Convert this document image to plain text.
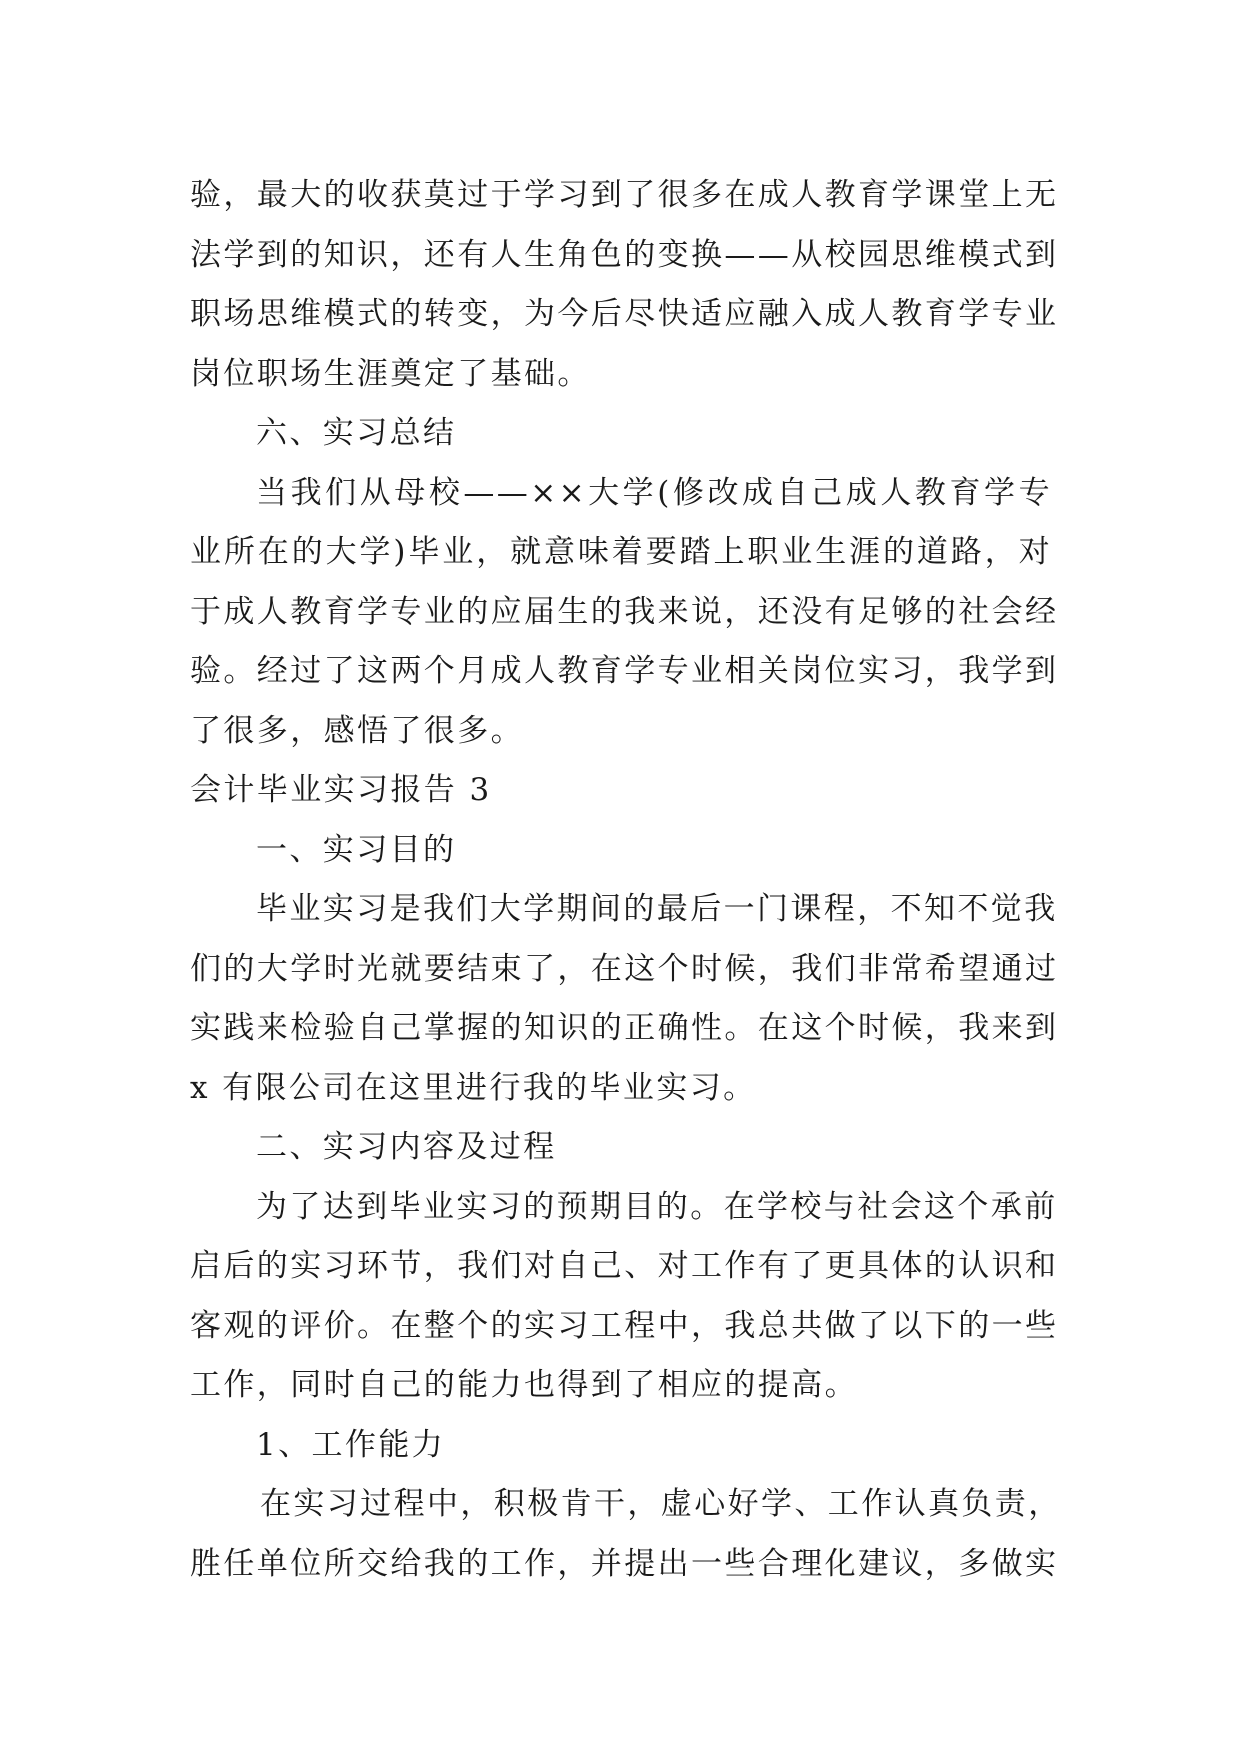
验，最大的收获莫过于学习到了很多在成人教育学课堂上无
法学到的知识，还有人生角色的变换——从校园思维模式到
职场思维模式的转变，为今后尽快适应融入成人教育学专业
岗位职场生涯奠定了基础。
六、实习总结
当我们从母校——××大学(修改成自己成人教育学专
业所在的大学)毕业，就意味着要踏上职业生涯的道路，对
于成人教育学专业的应届生的我来说，还没有足够的社会经
验。经过了这两个月成人教育学专业相关岗位实习，我学到
了很多，感悟了很多。
会计毕业实习报告 3
一、实习目的
毕业实习是我们大学期间的最后一门课程，不知不觉我
们的大学时光就要结束了，在这个时候，我们非常希望通过
实践来检验自己掌握的知识的正确性。在这个时候，我来到
x 有限公司在这里进行我的毕业实习。
二、实习内容及过程
为了达到毕业实习的预期目的。在学校与社会这个承前
启后的实习环节，我们对自己、对工作有了更具体的认识和
客观的评价。在整个的实习工程中，我总共做了以下的一些
工作，同时自己的能力也得到了相应的提高。
1、工作能力
在实习过程中，积极肯干，虚心好学、工作认真负责，
胜任单位所交给我的工作，并提出一些合理化建议，多做实
